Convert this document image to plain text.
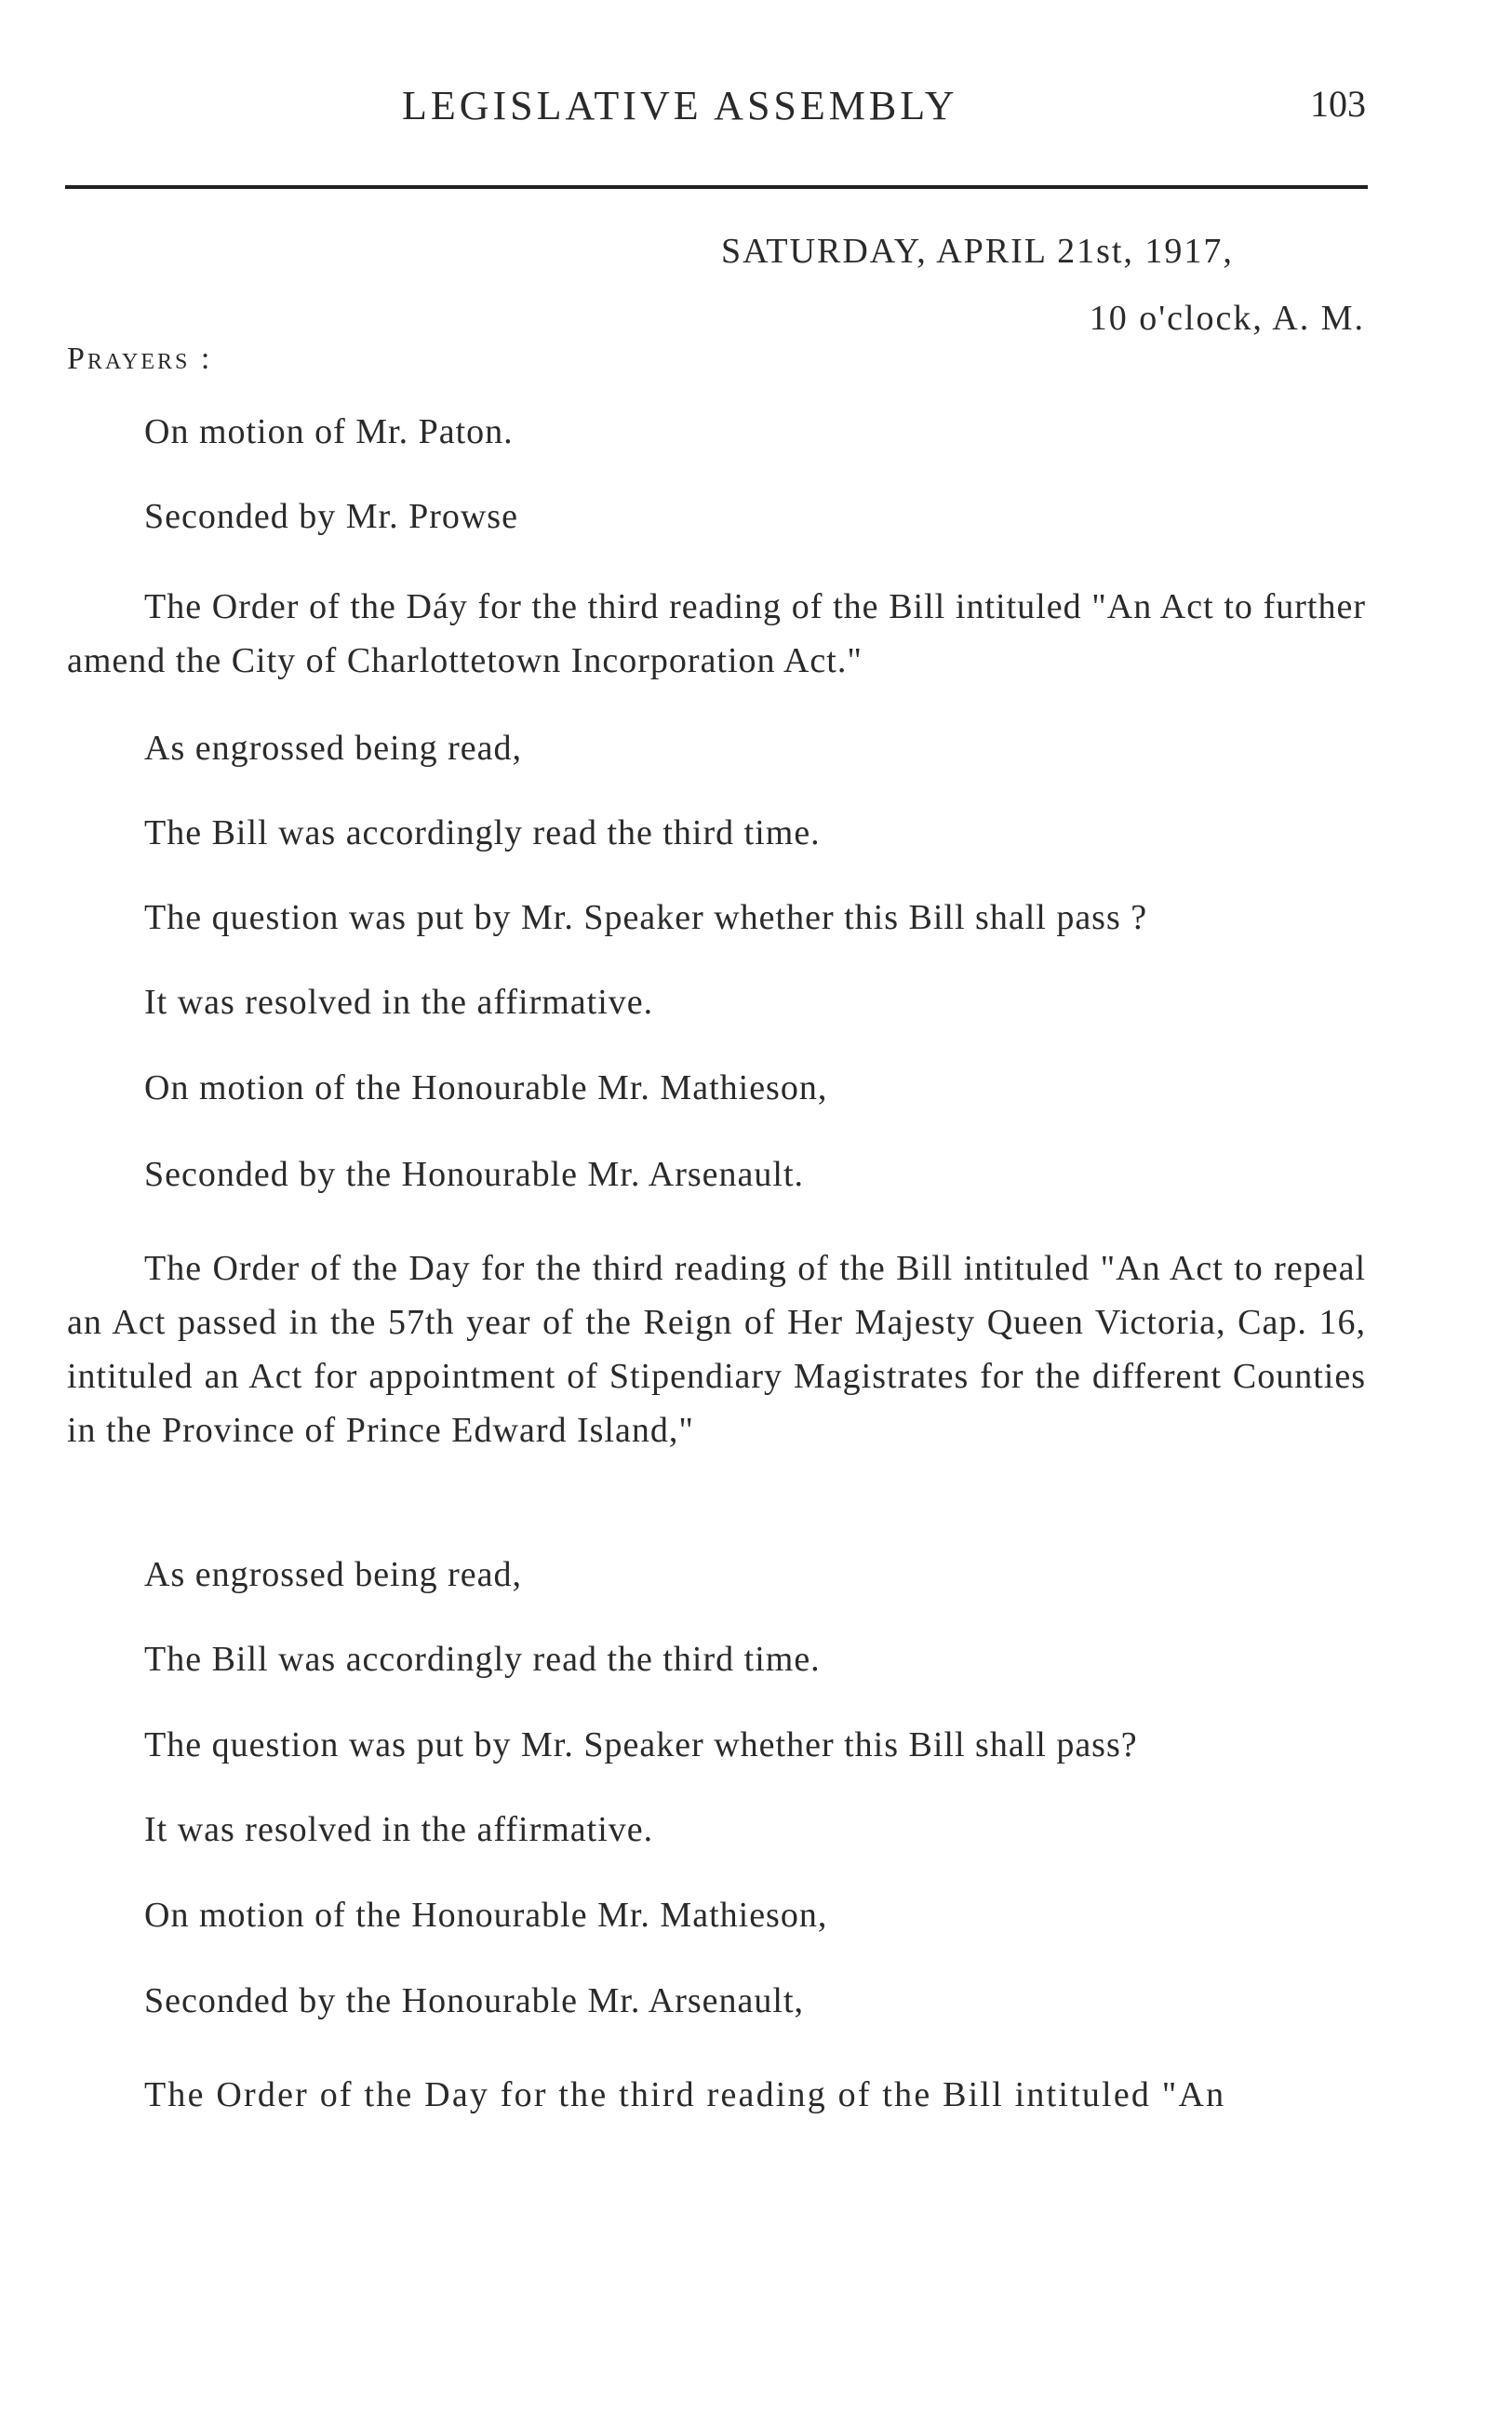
LEGISLATIVE ASSEMBLY	103
SATURDAY, APRIL 21st, 1917,
10 o'clock, A. M.
Prayers :

On motion of Mr. Paton.

Seconded by Mr. Prowse

The Order of the Dáy for the third reading of the Bill intituled "An Act to further amend the City of Charlottetown Incorporation Act."

As engrossed being read,

The Bill was accordingly read the third time.

The question was put by Mr. Speaker whether this Bill shall pass ?

It was resolved in the affirmative.

On motion of the Honourable Mr. Mathieson,

Seconded by the Honourable Mr. Arsenault.

The Order of the Day for the third reading of the Bill intituled "An Act to repeal an Act passed in the 57th year of the Reign of Her Majesty Queen Victoria, Cap. 16, intituled an Act for appointment of Stipendiary Magistrates for the different Counties in the Province of Prince Edward Island,"

As engrossed being read,

The Bill was accordingly read the third time.

The question was put by Mr. Speaker whether this Bill shall pass?

It was resolved in the affirmative.

On motion of the Honourable Mr. Mathieson,

Seconded by the Honourable Mr. Arsenault,

The Order of the Day for the third reading of the Bill intituled "An
